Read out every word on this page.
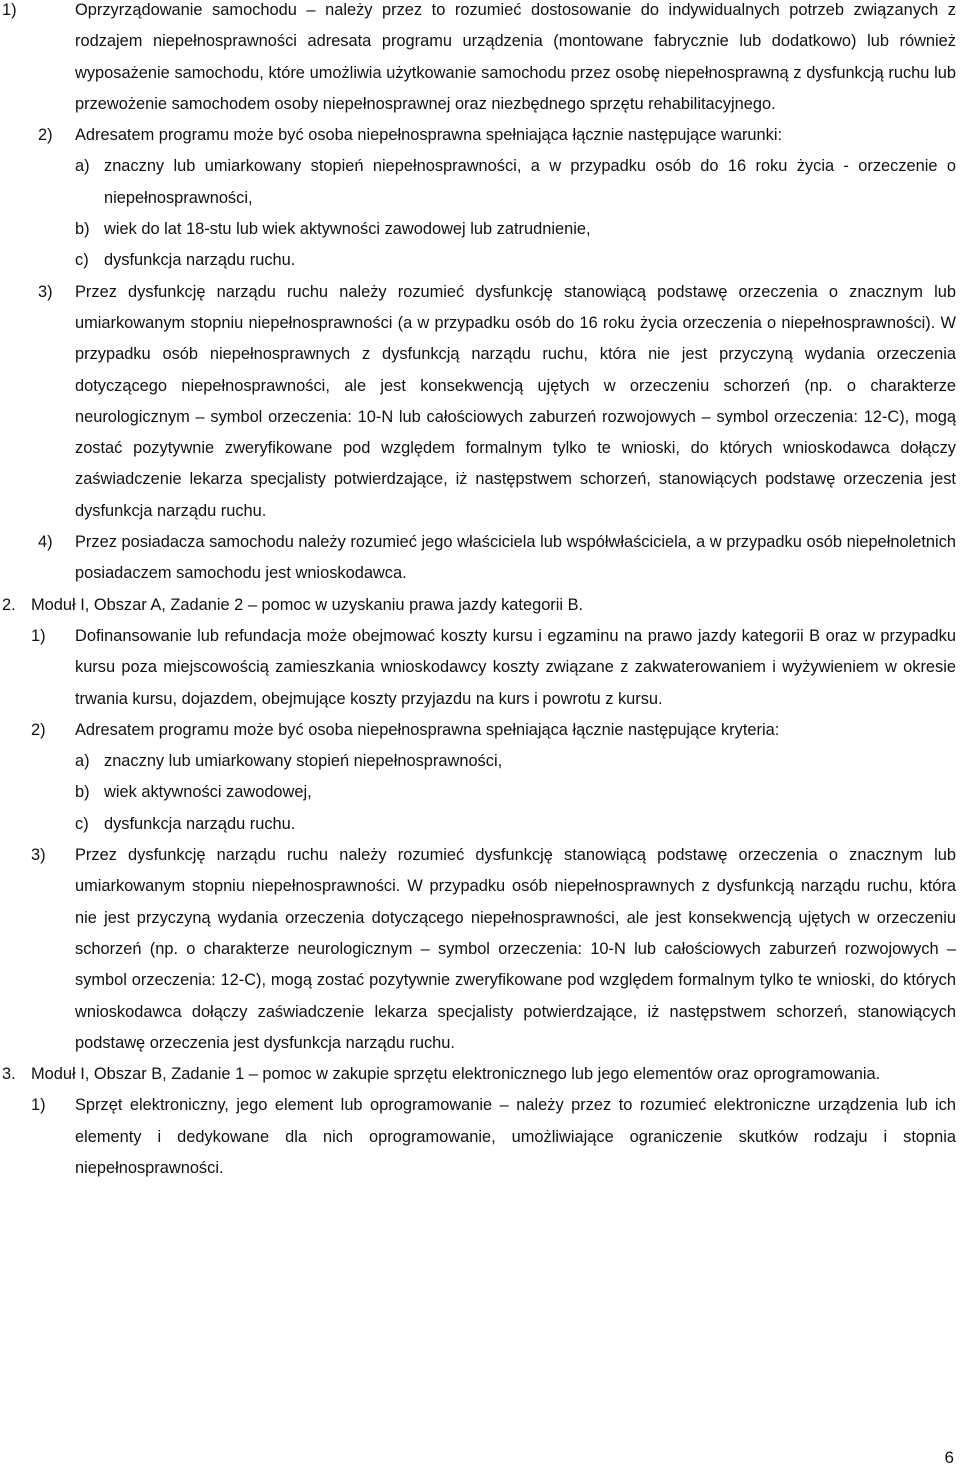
1)	Oprzyrządowanie samochodu – należy przez to rozumieć dostosowanie do indywidualnych potrzeb związanych z rodzajem niepełnosprawności adresata programu urządzenia (montowane fabrycznie lub dodatkowo) lub również wyposażenie samochodu, które umożliwia użytkowanie samochodu przez osobę niepełnosprawną z dysfunkcją ruchu lub przewożenie samochodem osoby niepełnosprawnej oraz niezbędnego sprzętu rehabilitacyjnego.
2) Adresatem programu może być osoba niepełnosprawna spełniająca łącznie następujące warunki:
a) znaczny lub umiarkowany stopień niepełnosprawności, a w przypadku osób do 16 roku życia - orzeczenie o niepełnosprawności,
b) wiek do lat 18-stu lub wiek aktywności zawodowej lub zatrudnienie,
c) dysfunkcja narządu ruchu.
3) Przez dysfunkcję narządu ruchu należy rozumieć dysfunkcję stanowiącą podstawę orzeczenia o znacznym lub umiarkowanym stopniu niepełnosprawności (a w przypadku osób do 16 roku życia orzeczenia o niepełnosprawności). W przypadku osób niepełnosprawnych z dysfunkcją narządu ruchu, która nie jest przyczyną wydania orzeczenia dotyczącego niepełnosprawności, ale jest konsekwencją ujętych w orzeczeniu schorzeń (np. o charakterze neurologicznym – symbol orzeczenia: 10-N lub całościowych zaburzeń rozwojowych – symbol orzeczenia: 12-C), mogą zostać pozytywnie zweryfikowane pod względem formalnym tylko te wnioski, do których wnioskodawca dołączy zaświadczenie lekarza specjalisty potwierdzające, iż następstwem schorzeń, stanowiących podstawę orzeczenia jest dysfunkcja narządu ruchu.
4) Przez posiadacza samochodu należy rozumieć jego właściciela lub współwłaściciela, a w przypadku osób niepełnoletnich posiadaczem samochodu jest wnioskodawca.
2. Moduł I, Obszar A, Zadanie 2 – pomoc w uzyskaniu prawa jazdy kategorii B.
1) Dofinansowanie lub refundacja może obejmować koszty kursu i egzaminu na prawo jazdy kategorii B oraz w przypadku kursu poza miejscowością zamieszkania wnioskodawcy koszty związane z zakwaterowaniem i wyżywieniem w okresie trwania kursu, dojazdem, obejmujące koszty przyjazdu na kurs i powrotu z kursu.
2) Adresatem programu może być osoba niepełnosprawna spełniająca łącznie następujące kryteria:
a) znaczny lub umiarkowany stopień niepełnosprawności,
b) wiek aktywności zawodowej,
c) dysfunkcja narządu ruchu.
3) Przez dysfunkcję narządu ruchu należy rozumieć dysfunkcję stanowiącą podstawę orzeczenia o znacznym lub umiarkowanym stopniu niepełnosprawności. W przypadku osób niepełnosprawnych z dysfunkcją narządu ruchu, która nie jest przyczyną wydania orzeczenia dotyczącego niepełnosprawności, ale jest konsekwencją ujętych w orzeczeniu schorzeń (np. o charakterze neurologicznym – symbol orzeczenia: 10-N lub całościowych zaburzeń rozwojowych – symbol orzeczenia: 12-C), mogą zostać pozytywnie zweryfikowane pod względem formalnym tylko te wnioski, do których wnioskodawca dołączy zaświadczenie lekarza specjalisty potwierdzające, iż następstwem schorzeń, stanowiących podstawę orzeczenia jest dysfunkcja narządu ruchu.
3. Moduł I, Obszar B, Zadanie 1 – pomoc w zakupie sprzętu elektronicznego lub jego elementów oraz oprogramowania.
1) Sprzęt elektroniczny, jego element lub oprogramowanie – należy przez to rozumieć elektroniczne urządzenia lub ich elementy i dedykowane dla nich oprogramowanie, umożliwiające ograniczenie skutków rodzaju i stopnia niepełnosprawności.
6
